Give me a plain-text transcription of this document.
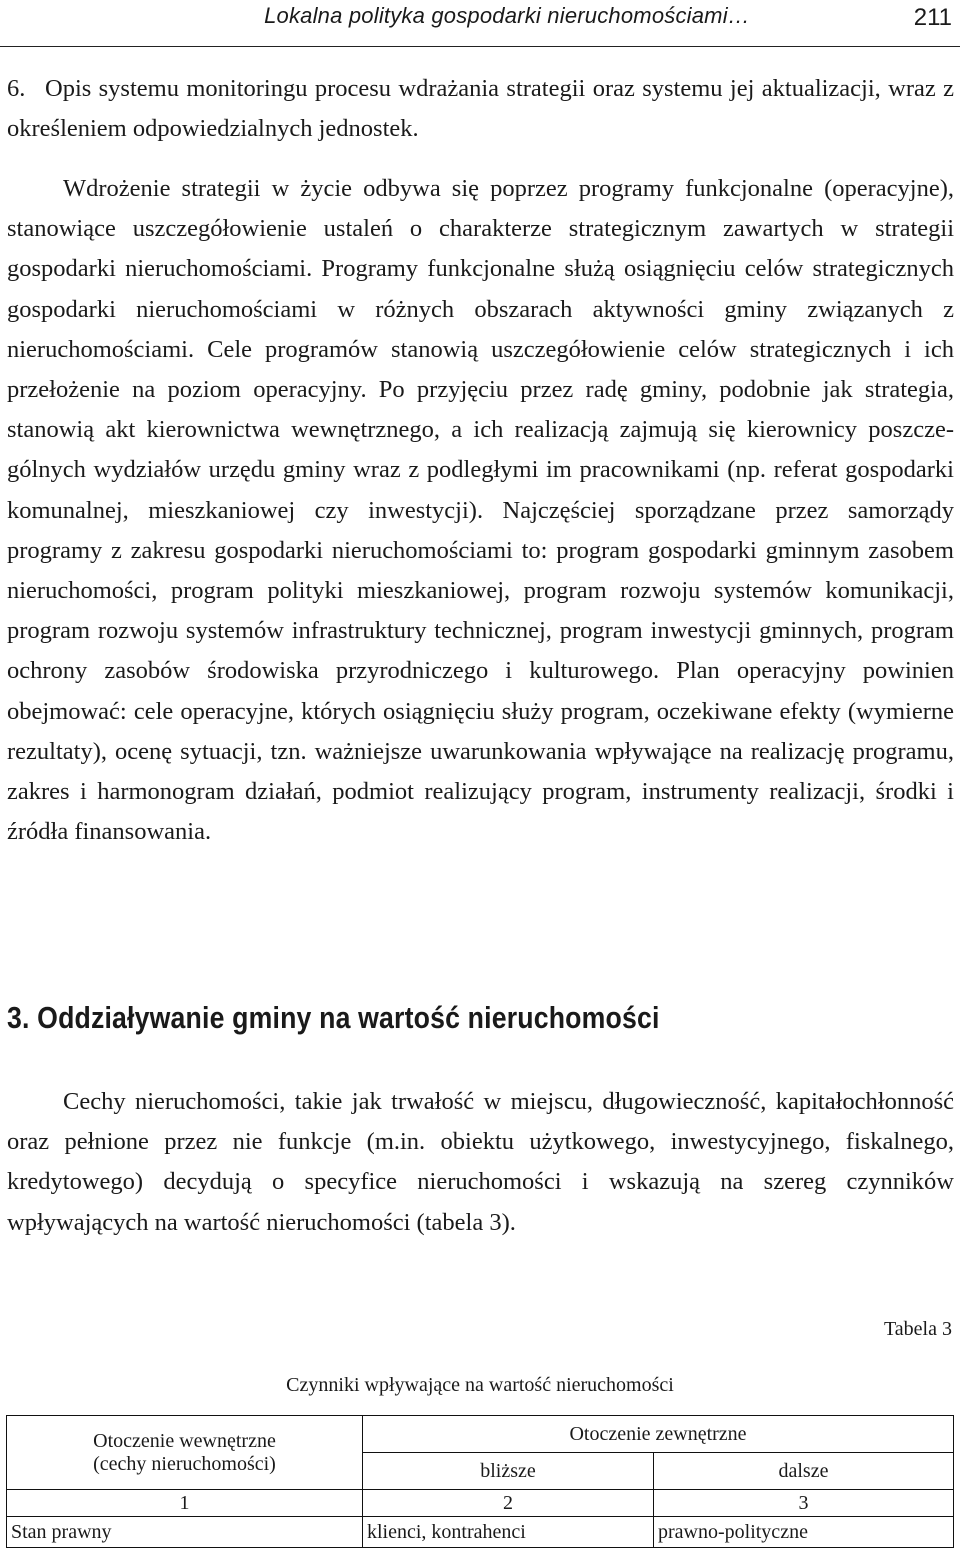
Lokalna polityka gospodarki nieruchomościami…	211

6. Opis systemu monitoringu procesu wdrażania strategii oraz systemu jej aktualizacji, wraz z określeniem odpowiedzialnych jednostek.

Wdrożenie strategii w życie odbywa się poprzez programy funkcjonalne (operacyjne), stanowiące uszczegółowienie ustaleń o charakterze strategicznym zawartych w strategii gospodarki nieruchomościami. Programy funkcjonalne służą osiągnięciu celów strategicznych gospodarki nieruchomościami w różnych obszarach aktywności gminy związanych z nieruchomościami. Cele programów stanowią uszczegółowienie celów strategicznych i ich przełożenie na poziom operacyjny. Po przyjęciu przez radę gminy, podobnie jak strategia, stanowią akt kierownictwa wewnętrznego, a ich realizacją zajmują się kierownicy poszczególnych wydziałów urzędu gminy wraz z podległymi im pracownikami (np. referat gospodarki komunalnej, mieszkaniowej czy inwestycji). Najczęściej sporządzane przez samorządy programy z zakresu gospodarki nieruchomościami to: program gospodarki gminnym zasobem nieruchomości, program polityki mieszkaniowej, program rozwoju systemów komunikacji, program rozwoju systemów infrastruktury technicznej, program inwestycji gminnych, program ochrony zasobów środowiska przyrodniczego i kulturowego. Plan operacyjny powinien obejmować: cele operacyjne, których osiągnięciu służy program, oczekiwane efekty (wymierne rezultaty), ocenę sytuacji, tzn. ważniejsze uwarunkowania wpływające na realizację programu, zakres i harmonogram działań, podmiot realizujący program, instrumenty realizacji, środki i źródła finansowania.

3. Oddziaływanie gminy na wartość nieruchomości

Cechy nieruchomości, takie jak trwałość w miejscu, długowieczność, kapitałochłonność oraz pełnione przez nie funkcje (m.in. obiektu użytkowego, inwestycyjnego, fiskalnego, kredytowego) decydują o specyfice nieruchomości i wskazują na szereg czynników wpływających na wartość nieruchomości (tabela 3).

Tabela 3
Czynniki wpływające na wartość nieruchomości
Otoczenie wewnętrzne
(cechy nieruchomości)	Otoczenie zewnętrzne	
	bliższe	dalsze
1	2	3
Stan prawny	klienci, kontrahenci	prawno-polityczne
